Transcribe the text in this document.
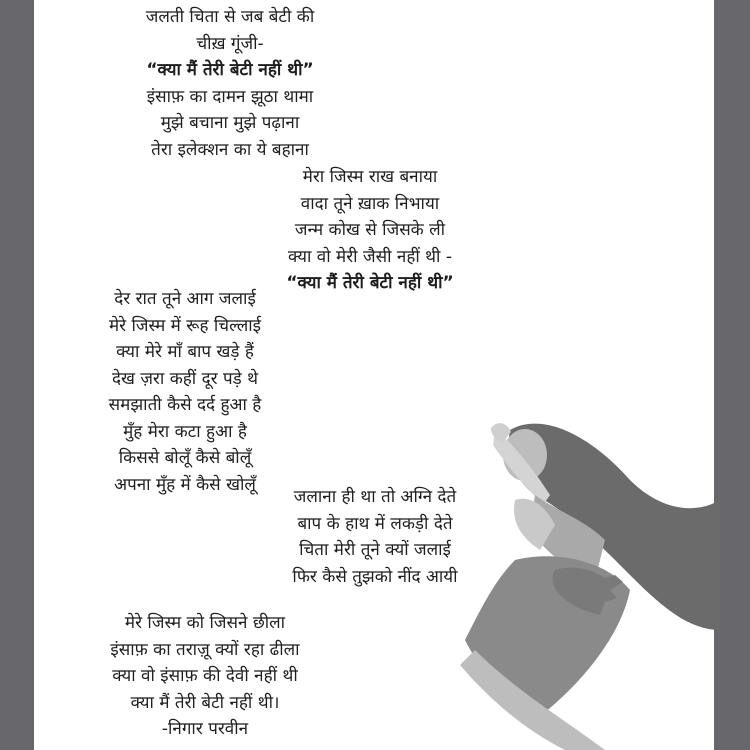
जलती चिता से जब बेटी की
चीख़ गूंजी-
“क्या मैं तेरी बेटी नहीं थी”
इंसाफ़ का दामन झूठा थामा
मुझे बचाना मुझे पढ़ाना
तेरा इलेक्शन का ये बहाना
मेरा जिस्म राख बनाया
वादा तूने ख़ाक निभाया
जन्म कोख से जिसके ली
क्या वो मेरी जैसी नहीं थी -
“क्या मैं तेरी बेटी नहीं थी”
देर रात तूने आग जलाई
मेरे जिस्म में रूह चिल्लाई
क्या मेरे माँ बाप खड़े हैं
देख ज़रा कहीं दूर पड़े थे
समझाती कैसे दर्द हुआ है
मुँह मेरा कटा हुआ है
किससे बोलूँ कैसे बोलूँ
अपना मुँह में कैसे खोलूँ
जलाना ही था तो अग्नि देते
बाप के हाथ में लकड़ी देते
चिता मेरी तूने क्यों जलाई
फिर कैसे तुझको नींद आयी
मेरे जिस्म को जिसने छीला
इंसाफ़ का तराज़ू क्यों रहा ढीला
क्या वो इंसाफ़ की देवी नहीं थी
क्या मैं तेरी बेटी नहीं थी।
-निगार परवीन
